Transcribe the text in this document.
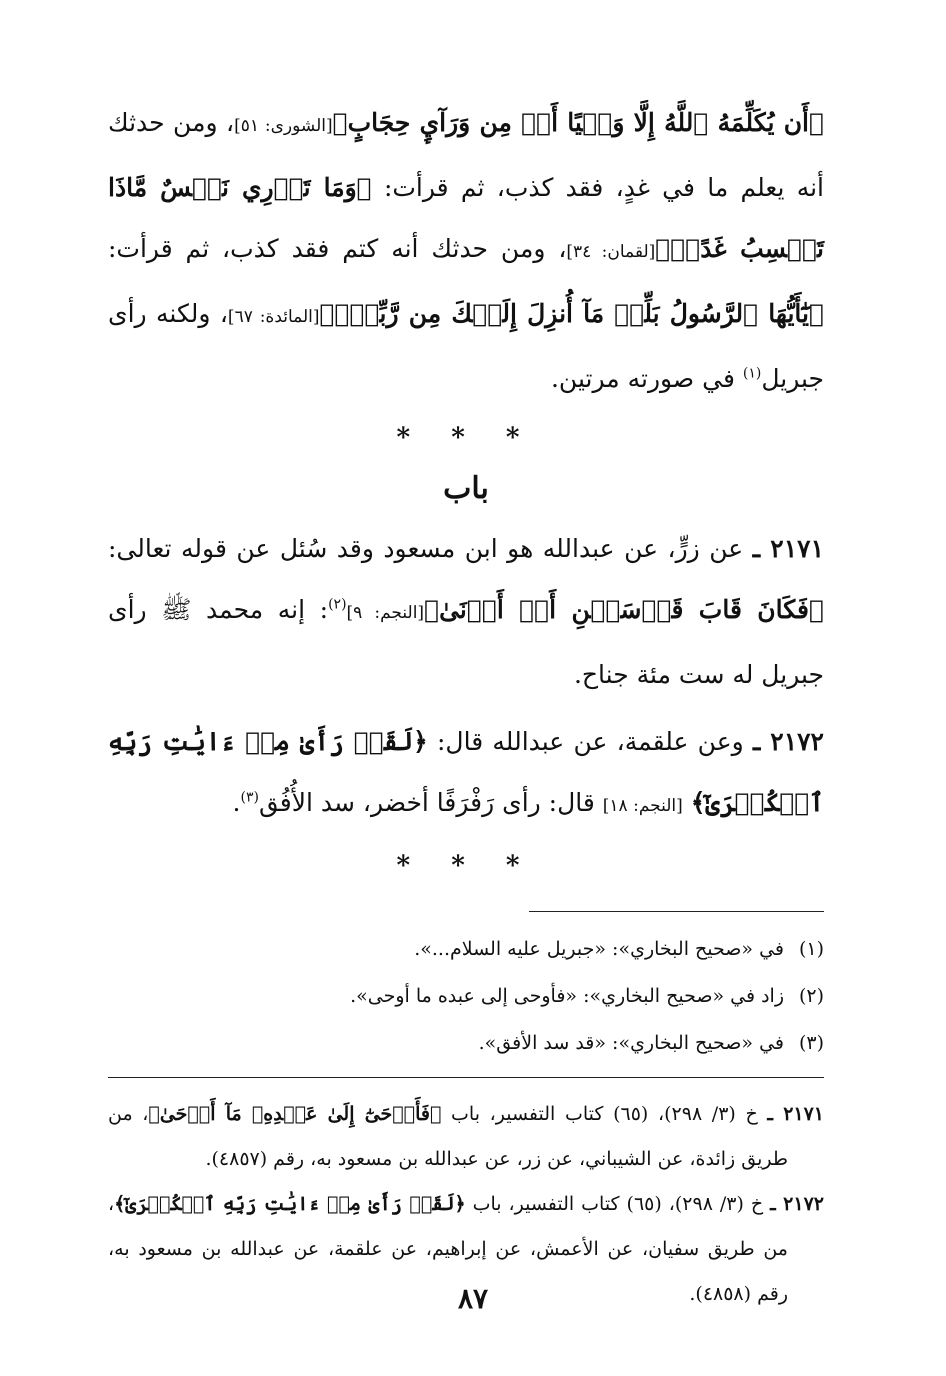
﴿أَن يُكَلِّمَهُ ٱللَّهُ إِلَّا وَحۡيًا أَوۡ مِن وَرَآيِٕ حِجَابٍ﴾[الشورى: ٥١]، ومن حدثك أنه يعلم ما في غدٍ، فقد كذب، ثم قرأت: ﴿وَمَا تَدۡرِي نَفۡسٌ مَّاذَا تَكۡسِبُ غَدًاۖ﴾[لقمان: ٣٤]، ومن حدثك أنه كتم فقد كذب، ثم قرأت: ﴿يَٰٓأَيُّهَا ٱلرَّسُولُ بَلِّغۡ مَآ أُنزِلَ إِلَيۡكَ مِن رَّبِّكَۖ﴾[المائدة: ٦٧]، ولكنه رأى جبريل$^{(١)}$ في صورته مرتين.

* * *
باب

٢١٧١ ـ عن زرٍّ، عن عبدالله هو ابن مسعود وقد سُئل عن قوله تعالى: ﴿فَكَانَ قَابَ قَوۡسَيۡنِ أَوۡ أَدۡنَىٰ﴾[النجم: ٩]$^{(٢)}$: إنه محمد ﷺ رأى جبريل له ست مئة جناح.

٢١٧٢ ـ وعن علقمة، عن عبدالله قال: ﴿لَقَدۡ رَأَىٰ مِنۡ ءَايَٰتِ رَبِّهِ ٱلۡكُبۡرَىٰٓ﴾ [النجم: ١٨] قال: رأى رَفْرَفًا أخضر، سد الأُفُق$^{(٣)}$.

* * *
(١)في «صحيح البخاري»: «جبريل عليه السلام...».
(٢)زاد في «صحيح البخاري»: «فأوحى إلى عبده ما أوحى».
(٣)في «صحيح البخاري»: «قد سد الأفق».

٢١٧١ ـ خ (٣/ ٢٩٨)، (٦٥) كتاب التفسير، باب ﴿فَأَوۡحَىٰٓ إِلَىٰ عَبۡدِهِۦ مَآ أَوۡحَىٰ﴾، من طريق زائدة، عن الشيباني، عن زر، عن عبدالله بن مسعود به، رقم (٤٨٥٧).

٢١٧٢ ـ خ (٣/ ٢٩٨)، (٦٥) كتاب التفسير، باب ﴿لَقَدۡ رَأَىٰ مِنۡ ءَايَٰتِ رَبِّهِ ٱلۡكُبۡرَىٰٓ﴾، من طريق سفيان، عن الأعمش، عن إبراهيم، عن علقمة، عن عبدالله بن مسعود به، رقم (٤٨٥٨).

٨٧
